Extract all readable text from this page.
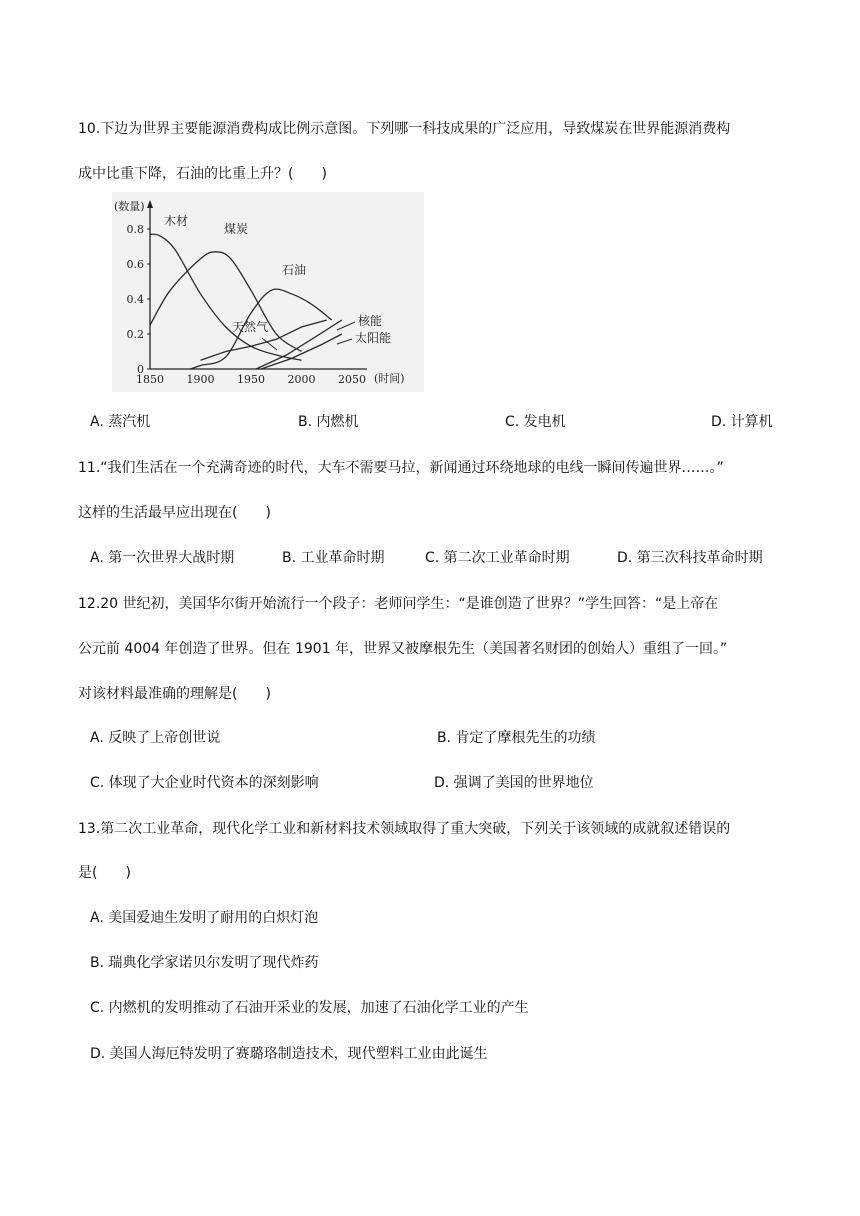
10.下边为世界主要能源消费构成比例示意图。下列哪一科技成果的广泛应用，导致煤炭在世界能源消费构
成中比重下降，石油的比重上升？(　　)
(数量)
(时间)
0
0.2
0.4
0.6
0.8
1850 1900 1950 2000 2050
木材
煤炭
石油
天然气	核能
太阳能
A. 蒸汽机	B. 内燃机	C. 发电机	D. 计算机
11.“我们生活在一个充满奇迹的时代，大车不需要马拉，新闻通过环绕地球的电线一瞬间传遍世界……。”
这样的生活最早应出现在(　　)
A. 第一次世界大战时期	B. 工业革命时期	C. 第二次工业革命时期	D. 第三次科技革命时期
12.20 世纪初，美国华尔街开始流行一个段子：老师问学生：“是谁创造了世界？”学生回答：“是上帝在
公元前 4004 年创造了世界。但在 1901 年，世界又被摩根先生（美国著名财团的创始人）重组了一回。”
对该材料最准确的理解是(　　)
A. 反映了上帝创世说	B. 肯定了摩根先生的功绩
C. 体现了大企业时代资本的深刻影响	D. 强调了美国的世界地位
13.第二次工业革命，现代化学工业和新材料技术领域取得了重大突破，下列关于该领域的成就叙述错误的
是(　　)
A. 美国爱迪生发明了耐用的白炽灯泡
B. 瑞典化学家诺贝尔发明了现代炸药
C. 内燃机的发明推动了石油开采业的发展，加速了石油化学工业的产生
D. 美国人海厄特发明了赛璐珞制造技术，现代塑料工业由此诞生
